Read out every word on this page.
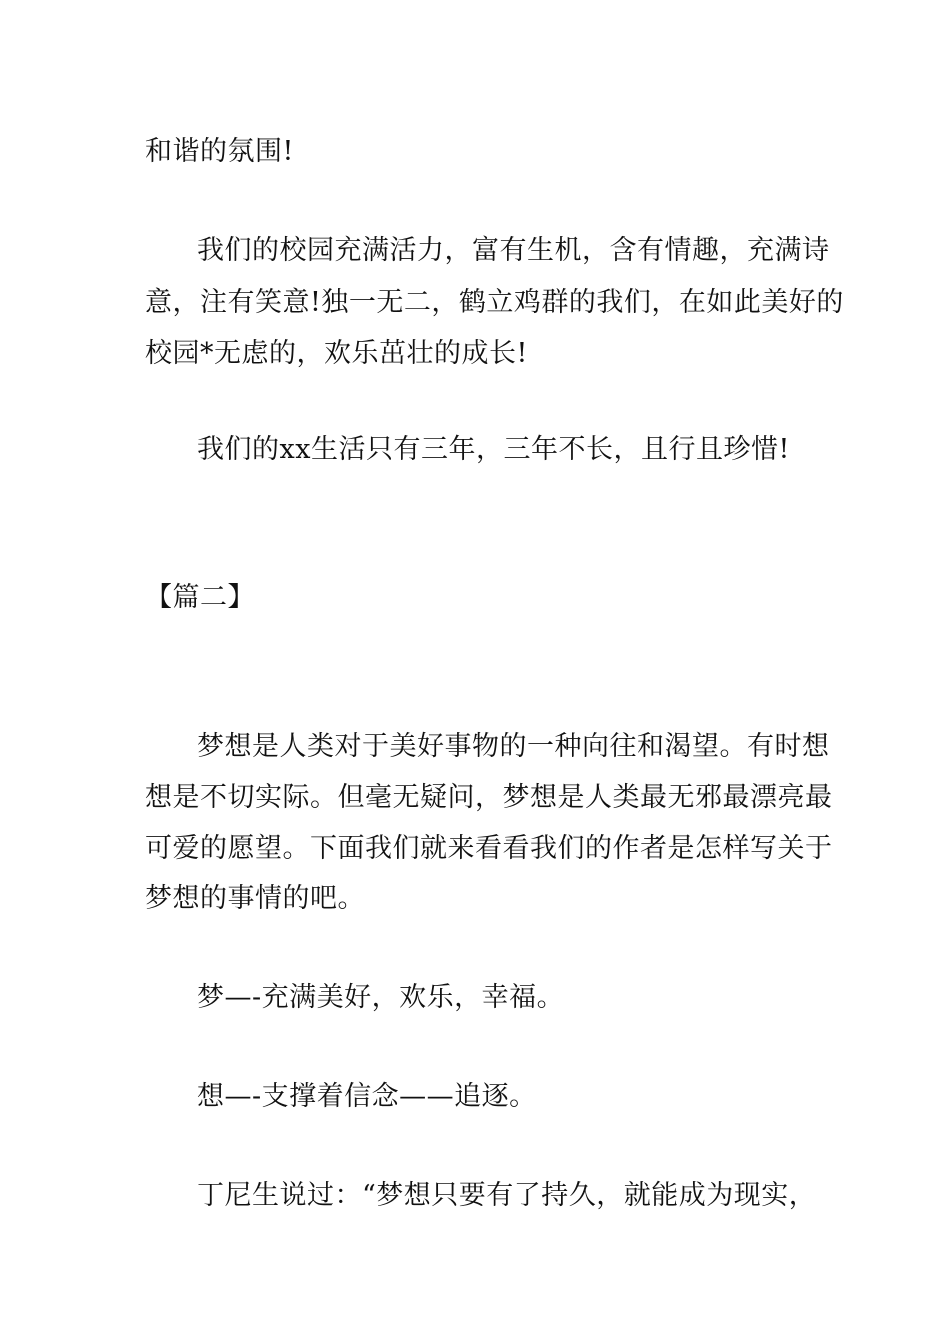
和谐的氛围!
我们的校园充满活力，富有生机，含有情趣，充满诗
意，注有笑意!独一无二，鹤立鸡群的我们，在如此美好的
校园*无虑的，欢乐茁壮的成长!
我们的xx生活只有三年，三年不长，且行且珍惜!
【篇二】
梦想是人类对于美好事物的一种向往和渴望。有时想
想是不切实际。但毫无疑问，梦想是人类最无邪最漂亮最
可爱的愿望。下面我们就来看看我们的作者是怎样写关于
梦想的事情的吧。
梦—-充满美好，欢乐，幸福。
想—-支撑着信念——追逐。
丁尼生说过：“梦想只要有了持久，就能成为现实，
